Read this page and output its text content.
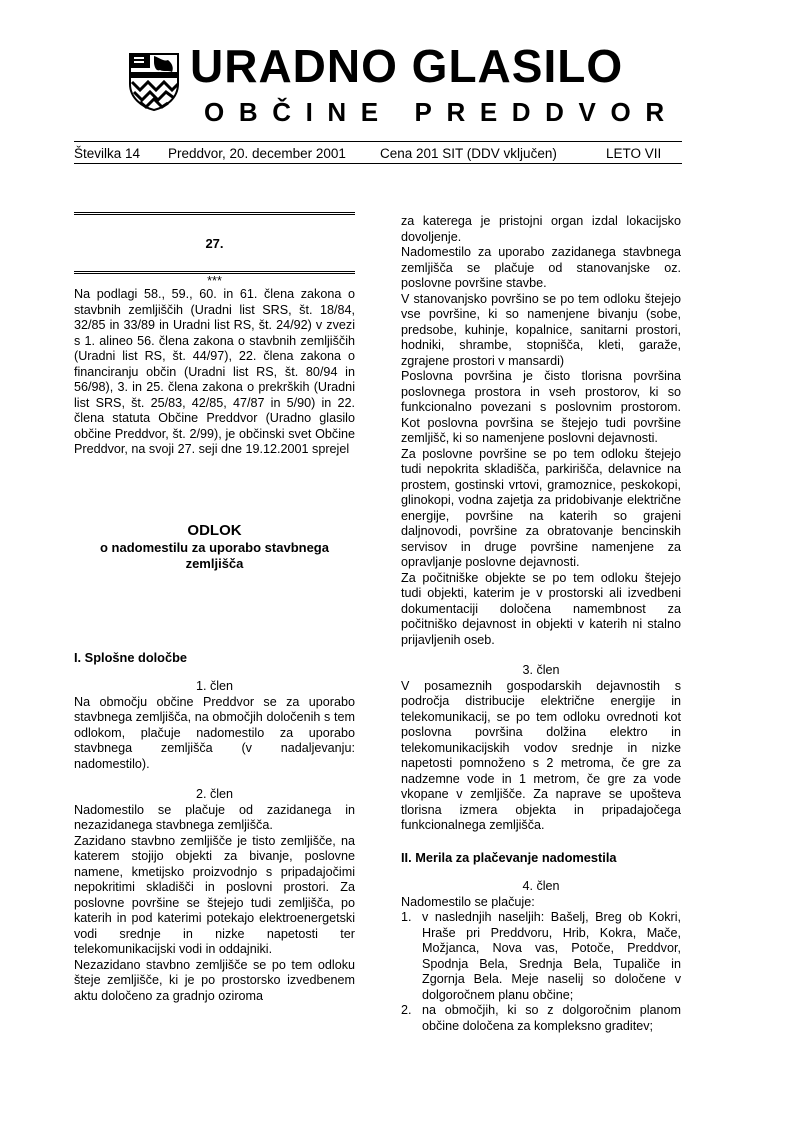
URADNO GLASILO
OBČINE PREDDVOR
Številka 14 Preddvor, 20. december 2001	Cena 201 SIT (DDV vključen)	LETO VII
27.
***

Na podlagi 58., 59., 60. in 61. člena zakona o stavbnih zemljiščih (Uradni list SRS, št. 18/84, 32/85 in 33/89 in Uradni list RS, št. 24/92) v zvezi s 1. alineo 56. člena zakona o stavbnih zemljiščih (Uradni list RS, št. 44/97), 22. člena zakona o financiranju občin (Uradni list RS, št. 80/94 in 56/98), 3. in 25. člena zakona o prekrških (Uradni list SRS, št. 25/83, 42/85, 47/87 in 5/90) in 22. člena statuta Občine Preddvor (Uradno glasilo občine Preddvor, št. 2/99), je občinski svet Občine Preddvor, na svoji 27. seji dne 19.12.2001 sprejel

ODLOK
o nadomestilu za uporabo stavbnega
zemljišča
I. Splošne določbe
1. člen

Na območju občine Preddvor se za uporabo stavbnega zemljišča, na območjih določenih s tem odlokom, plačuje nadomestilo za uporabo stavbnega zemljišča (v nadaljevanju: nadomestilo).

2. člen

Nadomestilo se plačuje od zazidanega in nezazidanega stavbnega zemljišča.

Zazidano stavbno zemljišče je tisto zemljišče, na katerem stojijo objekti za bivanje, poslovne namene, kmetijsko proizvodnjo s pripadajočimi nepokritimi skladišči in poslovni prostori. Za poslovne površine se štejejo tudi zemljišča, po katerih in pod katerimi potekajo elektroenergetski vodi srednje in nizke napetosti ter telekomunikacijski vodi in oddajniki.

Nezazidano stavbno zemljišče se po tem odloku šteje zemljišče, ki je po prostorsko izvedbenem aktu določeno za gradnjo oziroma

za katerega je pristojni organ izdal lokacijsko dovoljenje.

Nadomestilo za uporabo zazidanega stavbnega zemljišča se plačuje od stanovanjske oz. poslovne površine stavbe.

V stanovanjsko površino se po tem odloku štejejo vse površine, ki so namenjene bivanju (sobe, predsobe, kuhinje, kopalnice, sanitarni prostori, hodniki, shrambe, stopnišča, kleti, garaže, zgrajene prostori v mansardi)

Poslovna površina je čisto tlorisna površina poslovnega prostora in vseh prostorov, ki so funkcionalno povezani s poslovnim prostorom. Kot poslovna površina se štejejo tudi površine zemljišč, ki so namenjene poslovni dejavnosti.

Za poslovne površine se po tem odloku štejejo tudi nepokrita skladišča, parkirišča, delavnice na prostem, gostinski vrtovi, gramoznice, peskokopi, glinokopi, vodna zajetja za pridobivanje električne energije, površine na katerih so grajeni daljnovodi, površine za obratovanje bencinskih servisov in druge površine namenjene za opravljanje poslovne dejavnosti.

Za počitniške objekte se po tem odloku štejejo tudi objekti, katerim je v prostorski ali izvedbeni dokumentaciji določena namembnost za počitniško dejavnost in objekti v katerih ni stalno prijavljenih oseb.

3. člen

V posameznih gospodarskih dejavnostih s področja distribucije električne energije in telekomunikacij, se po tem odloku ovrednoti kot poslovna površina dolžina elektro in telekomunikacijskih vodov srednje in nizke napetosti pomnoženo s 2 metroma, če gre za nadzemne vode in 1 metrom, če gre za vode vkopane v zemljišče. Za naprave se upošteva tlorisna izmera objekta in pripadajočega funkcionalnega zemljišča.

II. Merila za plačevanje nadomestila
4. člen
Nadomestilo se plačuje:
1. v naslednjih naseljih: Bašelj, Breg ob Kokri, Hraše pri Preddvoru, Hrib, Kokra, Mače, Možjanca, Nova vas, Potoče, Preddvor, Spodnja Bela, Srednja Bela, Tupaliče in Zgornja Bela. Meje naselij so določene v dolgoročnem planu občine;
2. na območjih, ki so z dolgoročnim planom občine določena za kompleksno graditev;
